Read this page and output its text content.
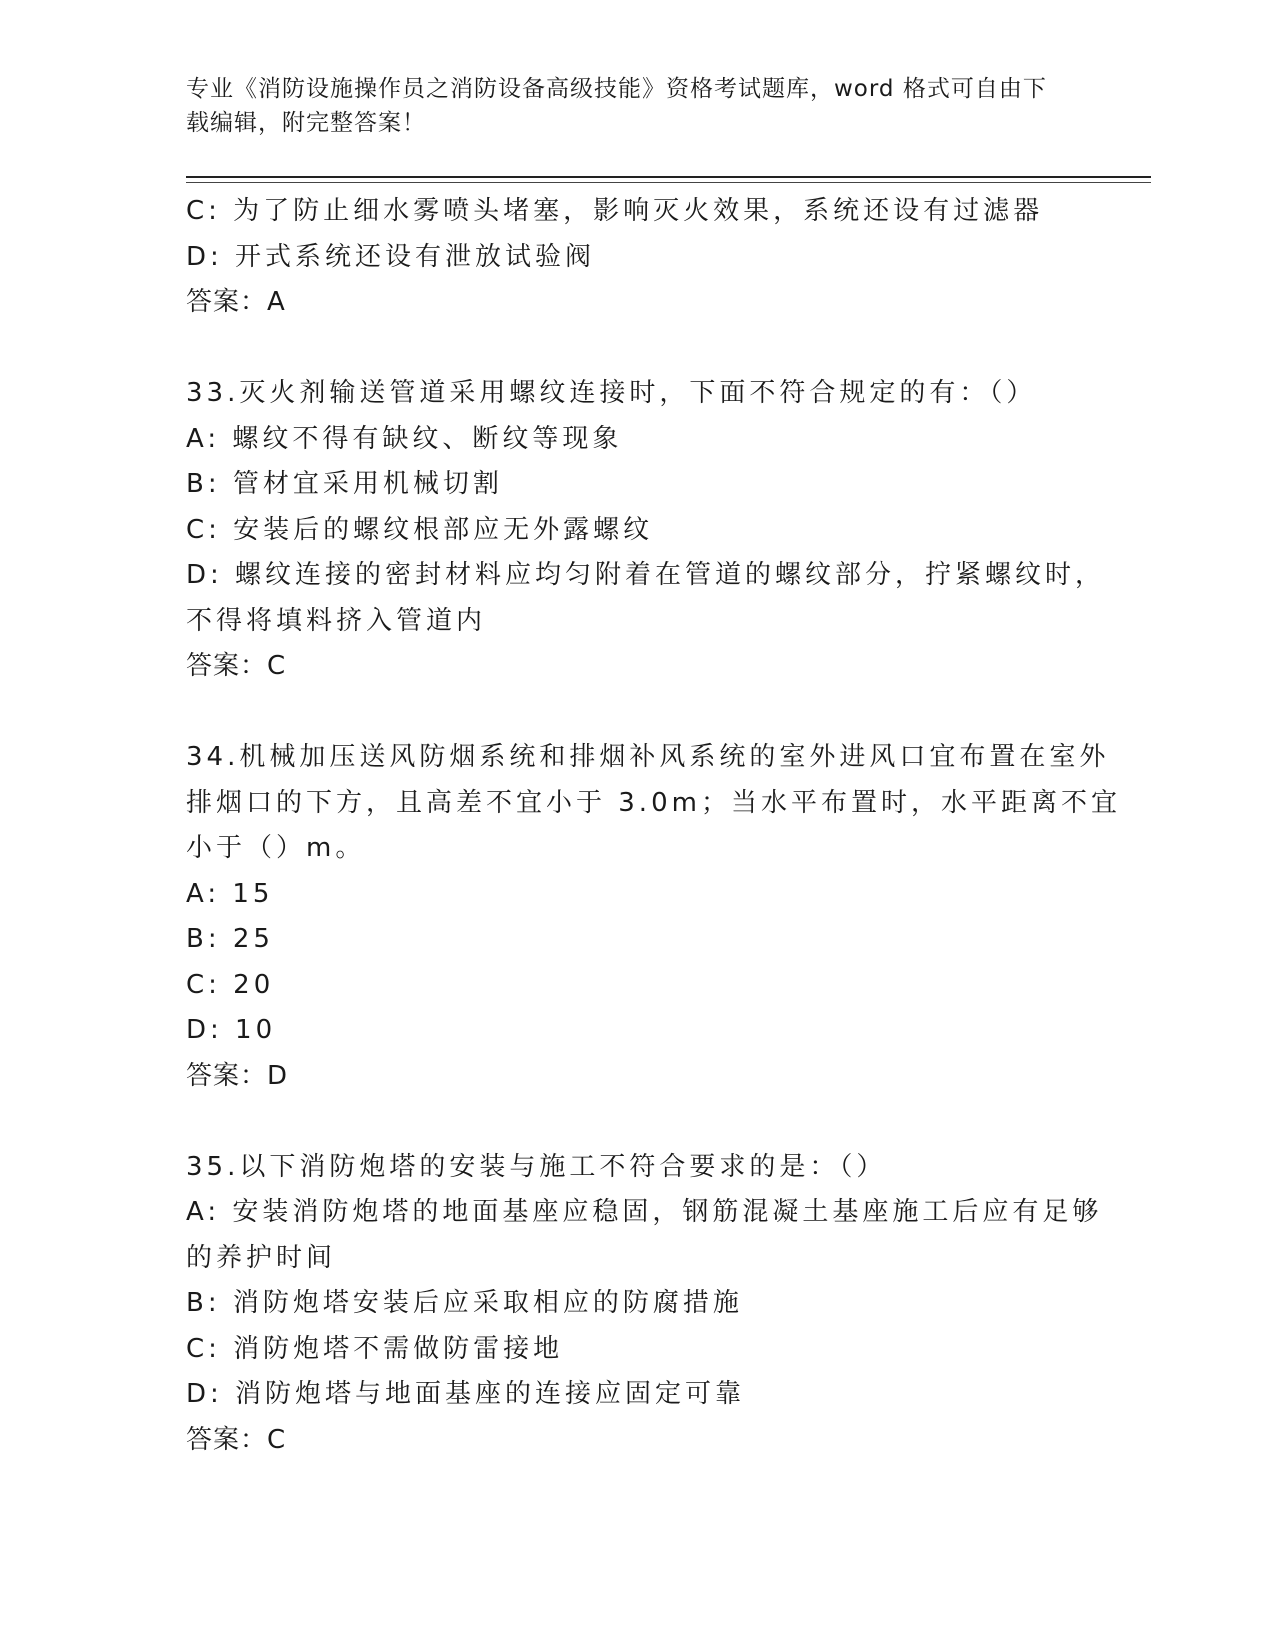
专业《消防设施操作员之消防设备高级技能》资格考试题库，word 格式可自由下
载编辑，附完整答案！
C: 为了防止细水雾喷头堵塞，影响灭火效果，系统还设有过滤器
D: 开式系统还设有泄放试验阀
答案：A
33.灭火剂输送管道采用螺纹连接时，下面不符合规定的有：（）
A: 螺纹不得有缺纹、断纹等现象
B: 管材宜采用机械切割
C: 安装后的螺纹根部应无外露螺纹
D: 螺纹连接的密封材料应均匀附着在管道的螺纹部分，拧紧螺纹时，
不得将填料挤入管道内
答案：C
34.机械加压送风防烟系统和排烟补风系统的室外进风口宜布置在室外
排烟口的下方，且高差不宜小于 3.0m；当水平布置时，水平距离不宜
小于（）m。
A: 15
B: 25
C: 20
D: 10
答案：D
35.以下消防炮塔的安装与施工不符合要求的是：（）
A: 安装消防炮塔的地面基座应稳固，钢筋混凝土基座施工后应有足够
的养护时间
B: 消防炮塔安装后应采取相应的防腐措施
C: 消防炮塔不需做防雷接地
D: 消防炮塔与地面基座的连接应固定可靠
答案：C
